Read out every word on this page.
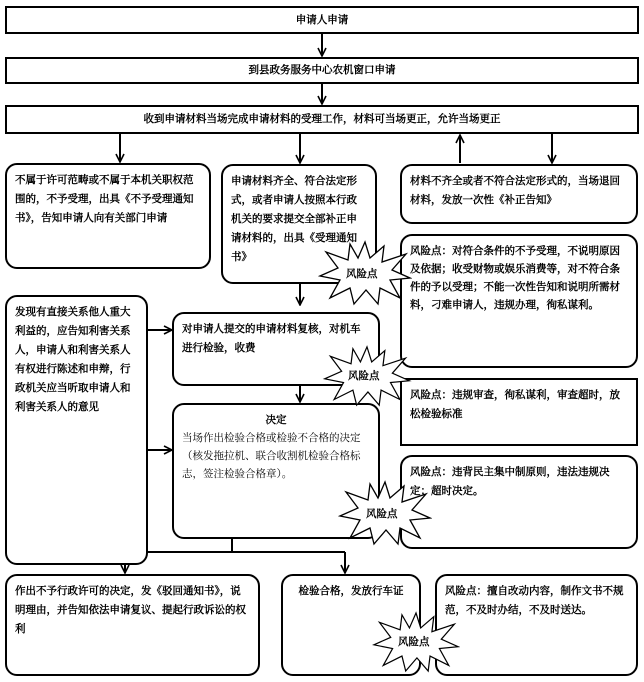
申请人申请
到县政务服务中心农机窗口申请
收到申请材料当场完成申请材料的受理工作，材料可当场更正，允许当场更正
不属于许可范畴或不属于本机关职权范围的，不予受理，出具《不予受理通知书》，告知申请人向有关部门申请
申请材料齐全、符合法定形式，或者申请人按照本行政机关的要求提交全部补正申请材料的，出具《受理通知书》
材料不齐全或者不符合法定形式的，当场退回材料，发放一次性《补正告知》
风险点：对符合条件的不予受理，不说明原因及依据；收受财物或娱乐消费等，对不符合条件的予以受理；不能一次性告知和说明所需材料，刁难申请人，违规办理，徇私谋利。
发现有直接关系他人重大利益的，应告知利害关系人，申请人和利害关系人有权进行陈述和申辩，行政机关应当听取申请人和利害关系人的意见
对申请人提交的申请材料复核，对机车进行检验，收费
风险点：违规审查，徇私谋利，审查超时，放松检验标准
决定
当场作出检验合格或检验不合格的决定（核发拖拉机、联合收割机检验合格标志，签注检验合格章）。	风险点：违背民主集中制原则，违法违规决定；超时决定。
作出不予行政许可的决定，发《驳回通知书》，说明理由，并告知依法申请复议、提起行政诉讼的权利
检验合格，发放行车证	风险点：擅自改动内容，制作文书不规范，不及时办结，不及时送达。
风险点
风险点
风险点
风险点
